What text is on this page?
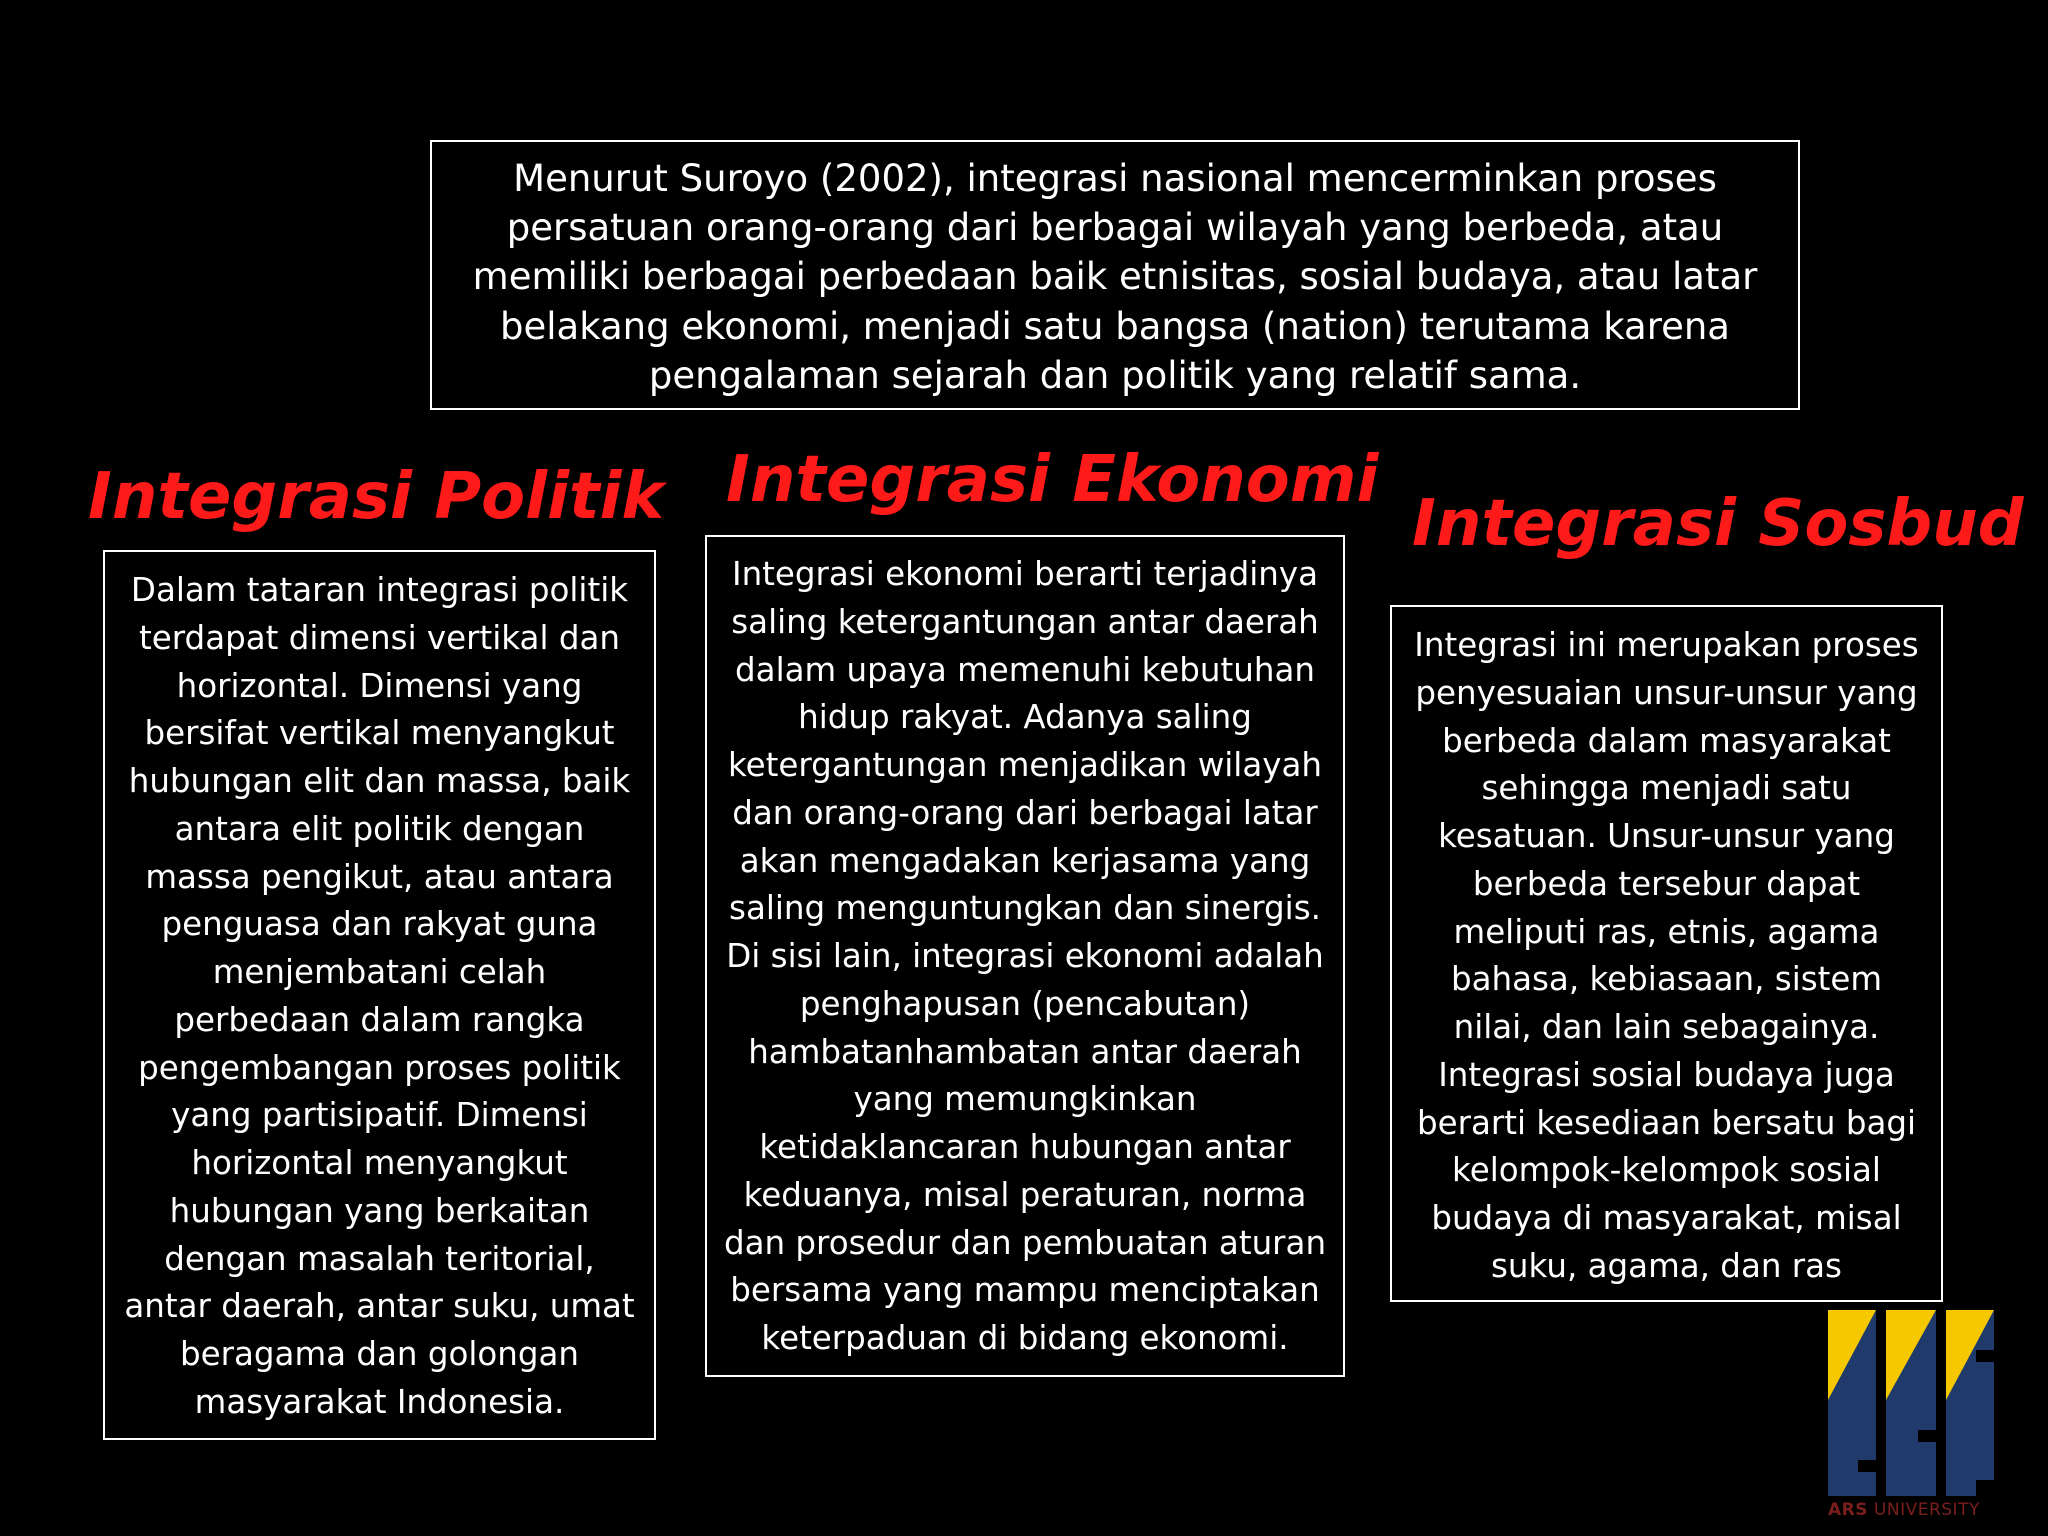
Menurut Suroyo (2002), integrasi nasional mencerminkan proses persatuan orang-orang dari berbagai wilayah yang berbeda, atau memiliki berbagai perbedaan baik etnisitas, sosial budaya, atau latar belakang ekonomi, menjadi satu bangsa (nation) terutama karena pengalaman sejarah dan politik yang relatif sama.
Integrasi Politik Integrasi Ekonomi
Integrasi Sosbud
Dalam tataran integrasi politik terdapat dimensi vertikal dan horizontal. Dimensi yang bersifat vertikal menyangkut hubungan elit dan massa, baik antara elit politik dengan massa pengikut, atau antara penguasa dan rakyat guna menjembatani celah perbedaan dalam rangka pengembangan proses politik yang partisipatif. Dimensi horizontal menyangkut hubungan yang berkaitan dengan masalah teritorial, antar daerah, antar suku, umat beragama dan golongan masyarakat Indonesia.
Integrasi ekonomi berarti terjadinya saling ketergantungan antar daerah dalam upaya memenuhi kebutuhan hidup rakyat. Adanya saling ketergantungan menjadikan wilayah dan orang-orang dari berbagai latar akan mengadakan kerjasama yang saling menguntungkan dan sinergis. Di sisi lain, integrasi ekonomi adalah penghapusan (pencabutan) hambatanhambatan antar daerah yang memungkinkan ketidaklancaran hubungan antar keduanya, misal peraturan, norma dan prosedur dan pembuatan aturan bersama yang mampu menciptakan keterpaduan di bidang ekonomi.
Integrasi ini merupakan proses penyesuaian unsur-unsur yang berbeda dalam masyarakat sehingga menjadi satu kesatuan. Unsur-unsur yang berbeda tersebur dapat meliputi ras, etnis, agama bahasa, kebiasaan, sistem nilai, dan lain sebagainya. Integrasi sosial budaya juga berarti kesediaan bersatu bagi kelompok-kelompok sosial budaya di masyarakat, misal suku, agama, dan ras
ARS UNIVERSITY
